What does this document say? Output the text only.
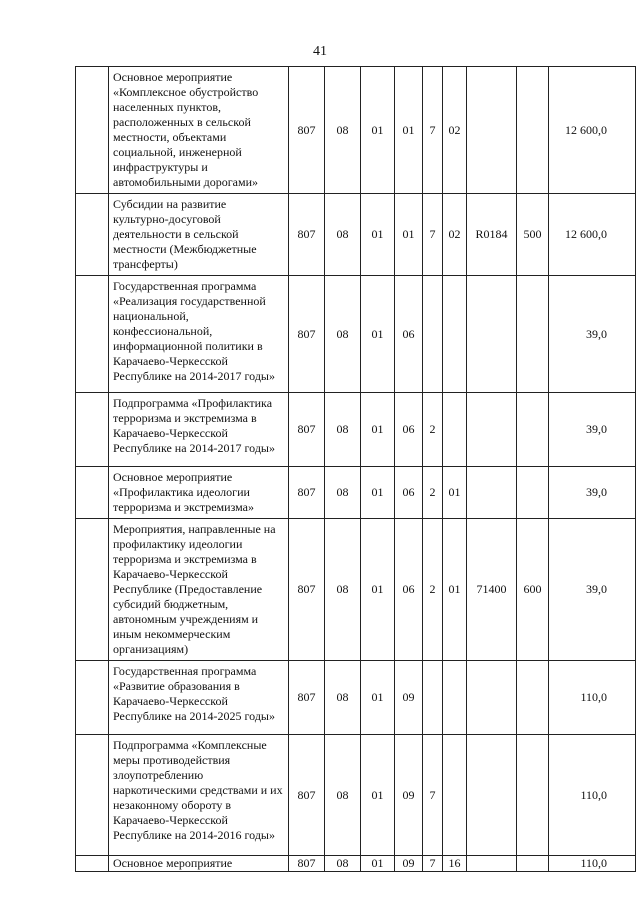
41
	Основное мероприятие «Комплексное обустройство населенных пунктов, расположенных в сельской местности, объектами социальной, инженерной инфраструктуры и автомобильными дорогами»	807	08	01	01	7	02			12 600,0
	Субсидии на развитие культурно-досуговой деятельности в сельской местности (Межбюджетные трансферты)	807	08	01	01	7	02	R0184	500	12 600,0
	Государственная программа «Реализация государственной национальной, конфессиональной, информационной политики в Карачаево-Черкесской Республике на 2014-2017 годы»	807	08	01	06					39,0
	Подпрограмма «Профилактика терроризма и экстремизма в Карачаево-Черкесской Республике на 2014-2017 годы»	807	08	01	06	2				39,0
	Основное мероприятие «Профилактика идеологии терроризма и экстремизма»	807	08	01	06	2	01			39,0
	Мероприятия, направленные на профилактику идеологии терроризма и экстремизма в Карачаево-Черкесской Республике (Предоставление субсидий бюджетным, автономным учреждениям и иным некоммерческим организациям)	807	08	01	06	2	01	71400	600	39,0
	Государственная программа «Развитие образования в Карачаево-Черкесской Республике на 2014-2025 годы»	807	08	01	09					110,0
	Подпрограмма «Комплексные меры противодействия злоупотреблению наркотическими средствами и их незаконному обороту в Карачаево-Черкесской Республике на 2014-2016 годы»	807	08	01	09	7				110,0
	Основное мероприятие	807	08	01	09	7	16			110,0
